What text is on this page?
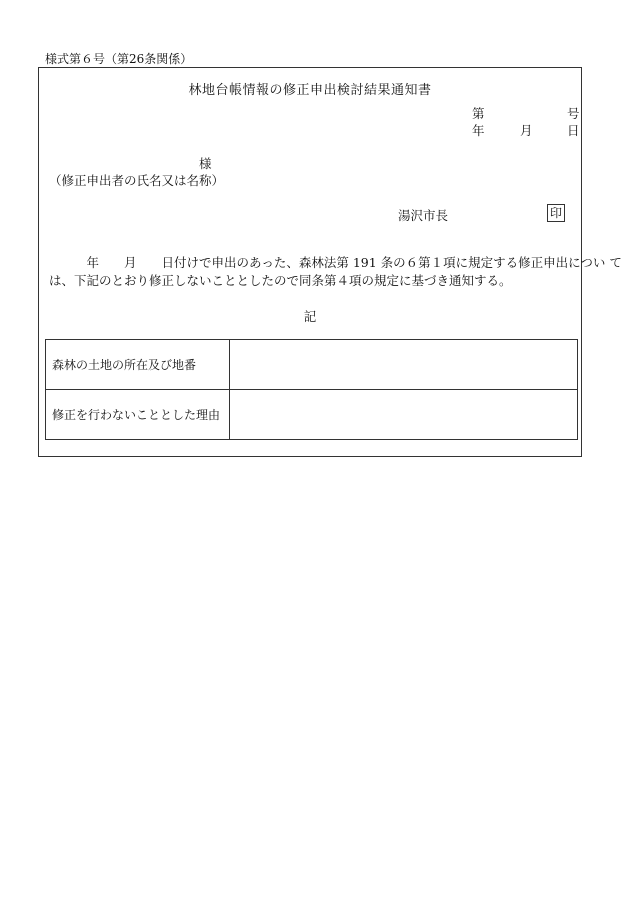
様式第６号（第26条関係）
林地台帳情報の修正申出検討結果通知書
第	号
年	月	日
様
（修正申出者の氏名又は名称）
湯沢市長	印
　　　年　　月　　日付けで申出のあった、森林法第 191 条の６第１項に規定する修正申出につい て
は、下記のとおり修正しないこととしたので同条第４項の規定に基づき通知する。
記
森林の土地の所在及び地番	
修正を行わないこととした理由	
